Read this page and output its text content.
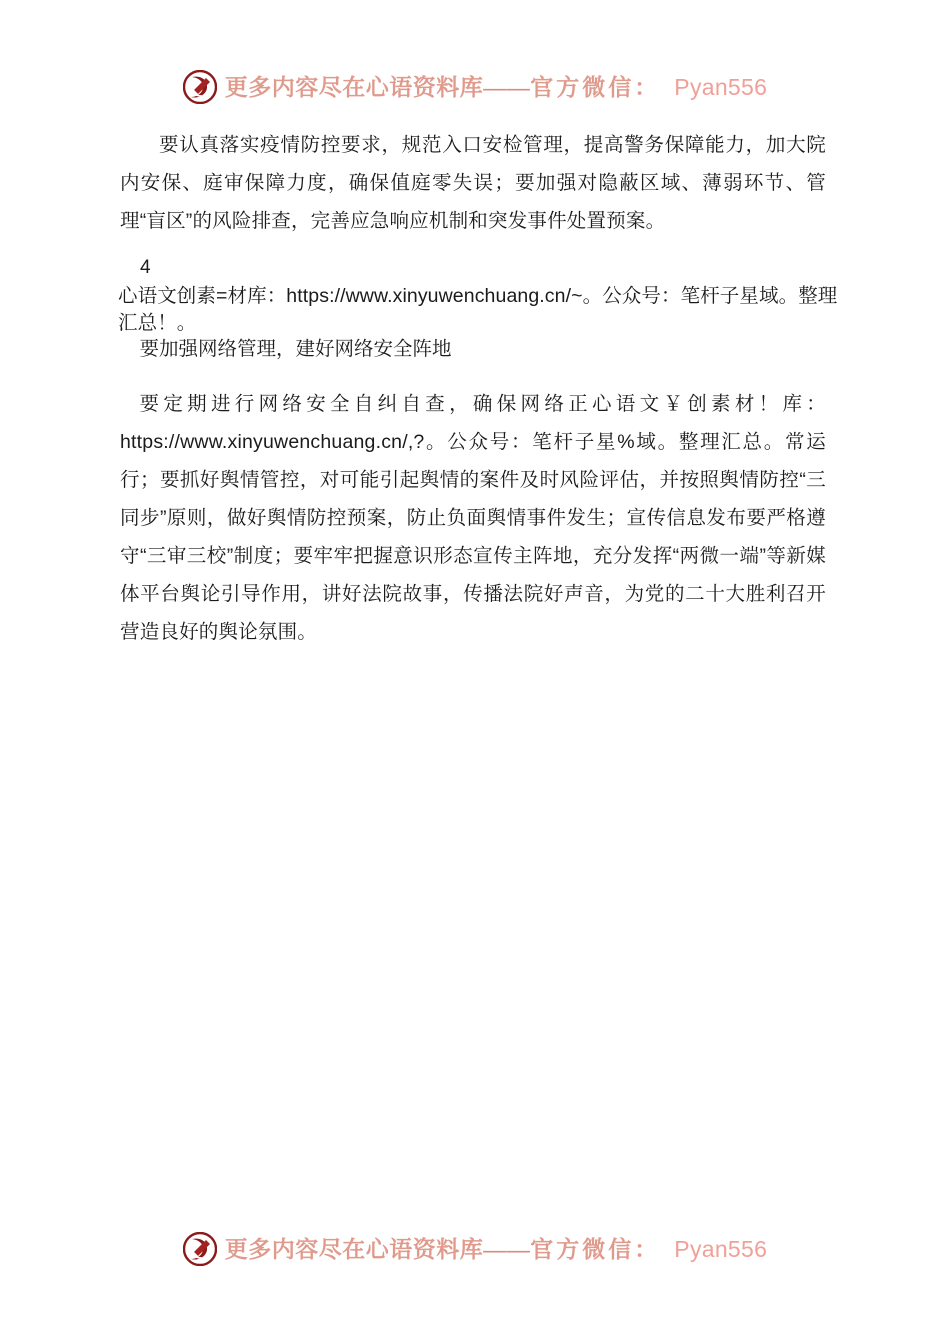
更多内容尽在心语资料库——官方微信： Pyan556
要认真落实疫情防控要求，规范入口安检管理，提高警务保障能力，加大院内安保、庭审保障力度，确保值庭零失误；要加强对隐蔽区域、薄弱环节、管理“盲区”的风险排查，完善应急响应机制和突发事件处置预案。
4
心语文创素=材库：https://www.xinyuwenchuang.cn/~。公众号：笔杆子星域。整理汇总！。
要加强网络管理，建好网络安全阵地
要定期进行网络安全自纠自查，确保网络正心语文￥创素材！库：https://www.xinyuwenchuang.cn/,?。公众号：笔杆子星%域。整理汇总。常运行；要抓好舆情管控，对可能引起舆情的案件及时风险评估，并按照舆情防控“三同步”原则，做好舆情防控预案，防止负面舆情事件发生；宣传信息发布要严格遵守“三审三校”制度；要牢牢把握意识形态宣传主阵地，充分发挥“两微一端”等新媒体平台舆论引导作用，讲好法院故事，传播法院好声音，为党的二十大胜利召开营造良好的舆论氛围。
更多内容尽在心语资料库——官方微信： Pyan556
